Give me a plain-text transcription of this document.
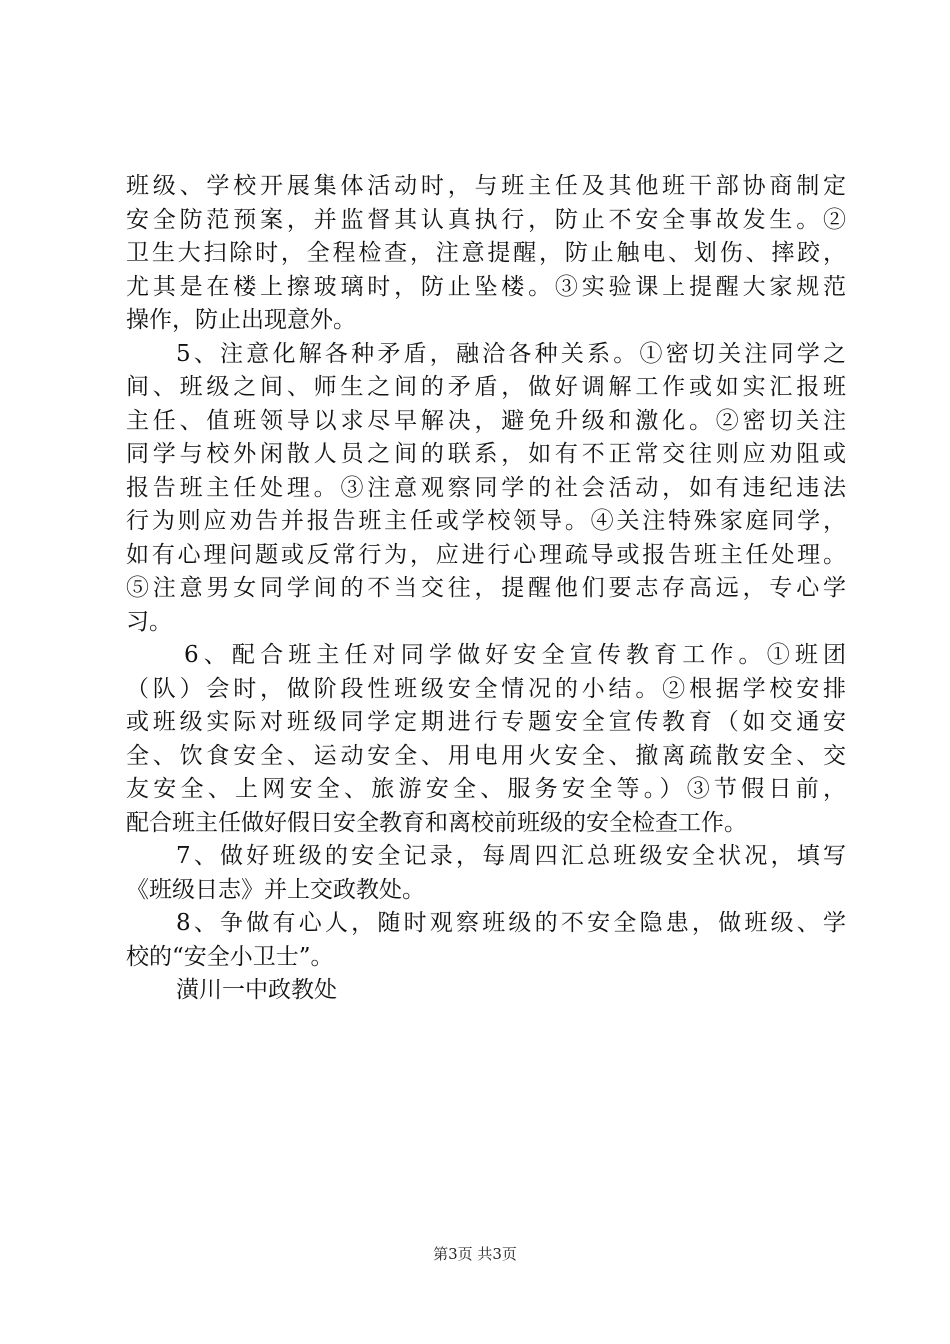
班级、学校开展集体活动时，与班主任及其他班干部协商制定
安全防范预案，并监督其认真执行，防止不安全事故发生。②
卫生大扫除时，全程检查，注意提醒，防止触电、划伤、摔跤，
尤其是在楼上擦玻璃时，防止坠楼。③实验课上提醒大家规范
操作，防止出现意外。
5、注意化解各种矛盾，融洽各种关系。①密切关注同学之
间、班级之间、师生之间的矛盾，做好调解工作或如实汇报班
主任、值班领导以求尽早解决，避免升级和激化。②密切关注
同学与校外闲散人员之间的联系，如有不正常交往则应劝阻或
报告班主任处理。③注意观察同学的社会活动，如有违纪违法
行为则应劝告并报告班主任或学校领导。④关注特殊家庭同学，
如有心理问题或反常行为，应进行心理疏导或报告班主任处理。
⑤注意男女同学间的不当交往，提醒他们要志存高远，专心学
习。
6、配合班主任对同学做好安全宣传教育工作。①班团
（队）会时，做阶段性班级安全情况的小结。②根据学校安排
或班级实际对班级同学定期进行专题安全宣传教育（如交通安
全、饮食安全、运动安全、用电用火安全、撤离疏散安全、交
友安全、上网安全、旅游安全、服务安全等。）③节假日前，
配合班主任做好假日安全教育和离校前班级的安全检查工作。
7、做好班级的安全记录，每周四汇总班级安全状况，填写
《班级日志》并上交政教处。
8、争做有心人，随时观察班级的不安全隐患，做班级、学
校的“安全小卫士”。
潢川一中政教处
第3页 共3页
